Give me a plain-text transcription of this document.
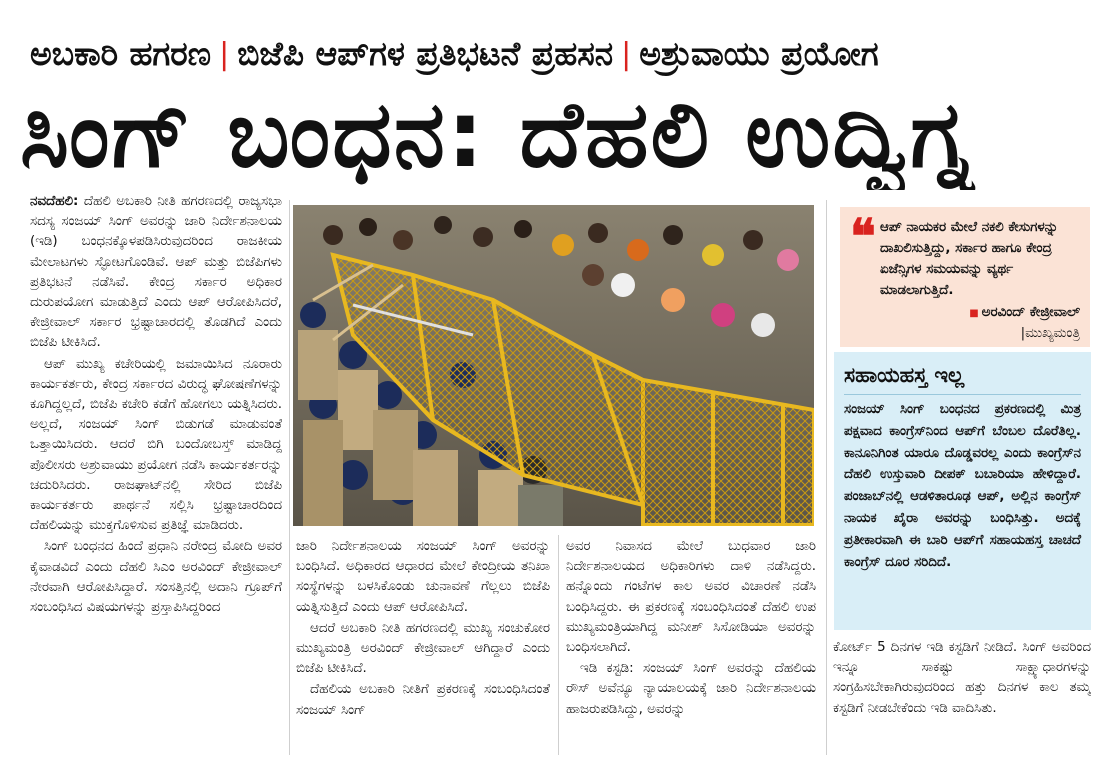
ಅಬಕಾರಿ ಹಗರಣ | ಬಿಜೆಪಿ ಆಪ್‌ಗಳ ಪ್ರತಿಭಟನೆ ಪ್ರಹಸನ | ಅಶ್ರುವಾಯು ಪ್ರಯೋಗ
ಸಿಂಗ್ ಬಂಧನ: ದೆಹಲಿ ಉದ್ವಿಗ್ನ

ನವದೆಹಲಿ: ದೆಹಲಿ ಅಬಕಾರಿ ನೀತಿ ಹಗರಣದಲ್ಲಿ ರಾಜ್ಯಸಭಾ ಸದಸ್ಯ ಸಂಜಯ್ ಸಿಂಗ್ ಅವರನ್ನು ಜಾರಿ ನಿರ್ದೇಶನಾಲಯ (ಇಡಿ) ಬಂಧನಕ್ಕೊಳಪಡಿಸಿರುವುದರಿಂದ ರಾಜಕೀಯ ಮೇಲಾಟಗಳು ಸ್ಫೋಟಗೊಂಡಿವೆ. ಆಪ್ ಮತ್ತು ಬಿಜೆಪಿಗಳು ಪ್ರತಿಭಟನೆ ನಡೆಸಿವೆ. ಕೇಂದ್ರ ಸರ್ಕಾರ ಅಧಿಕಾರ ದುರುಪಯೋಗ ಮಾಡುತ್ತಿದೆ ಎಂದು ಆಪ್ ಆರೋಪಿಸಿದರೆ, ಕೇಜ್ರೀವಾಲ್ ಸರ್ಕಾರ ಭ್ರಷ್ಟಾಚಾರದಲ್ಲಿ ತೊಡಗಿದೆ ಎಂದು ಬಿಜೆಪಿ ಟೀಕಿಸಿದೆ.

ಆಪ್ ಮುಖ್ಯ ಕಚೇರಿಯಲ್ಲಿ ಜಮಾಯಿಸಿದ ನೂರಾರು ಕಾರ್ಯಕರ್ತರು, ಕೇಂದ್ರ ಸರ್ಕಾರದ ವಿರುದ್ಧ ಘೋಷಣೆಗಳನ್ನು ಕೂಗಿದ್ದಲ್ಲದೆ, ಬಿಜೆಪಿ ಕಚೇರಿ ಕಡೆಗೆ ಹೋಗಲು ಯತ್ನಿಸಿದರು. ಅಲ್ಲದೆ, ಸಂಜಯ್ ಸಿಂಗ್ ಬಿಡುಗಡೆ ಮಾಡುವಂತೆ ಒತ್ತಾಯಿಸಿದರು. ಆದರೆ ಬಿಗಿ ಬಂದೋಬಸ್ತ್ ಮಾಡಿದ್ದ ಪೊಲೀಸರು ಅಶ್ರುವಾಯು ಪ್ರಯೋಗ ನಡೆಸಿ ಕಾರ್ಯಕರ್ತರನ್ನು ಚದುರಿಸಿದರು. ರಾಜಘಾಟ್‌ನಲ್ಲಿ ಸೇರಿದ ಬಿಜೆಪಿ ಕಾರ್ಯಕರ್ತರು ಪಾರ್ಥನೆ ಸಲ್ಲಿಸಿ ಭ್ರಷ್ಟಾಚಾರದಿಂದ ದೆಹಲಿಯನ್ನು ಮುಕ್ತಗೊಳಿಸುವ ಪ್ರತಿಜ್ಞೆ ಮಾಡಿದರು.

ಸಿಂಗ್ ಬಂಧನದ ಹಿಂದೆ ಪ್ರಧಾನಿ ನರೇಂದ್ರ ಮೋದಿ ಅವರ ಕೈವಾಡವಿದೆ ಎಂದು ದೆಹಲಿ ಸಿಎಂ ಅರವಿಂದ್ ಕೇಜ್ರೀವಾಲ್ ನೇರವಾಗಿ ಆರೋಪಿಸಿದ್ದಾರೆ. ಸಂಸತ್ತಿನಲ್ಲಿ ಅದಾನಿ ಗ್ರೂಪ್‌ಗೆ ಸಂಬಂಧಿಸಿದ ವಿಷಯಗಳನ್ನು ಪ್ರಸ್ತಾಪಿಸಿದ್ದರಿಂದ

ಜಾರಿ ನಿರ್ದೇಶನಾಲಯ ಸಂಜಯ್ ಸಿಂಗ್ ಅವರನ್ನು ಬಂಧಿಸಿದೆ. ಅಧಿಕಾರದ ಆಧಾರದ ಮೇಲೆ ಕೇಂದ್ರೀಯ ತನಿಖಾ ಸಂಸ್ಥೆಗಳನ್ನು ಬಳಸಿಕೊಂಡು ಚುನಾವಣೆ ಗೆಲ್ಲಲು ಬಿಜೆಪಿ ಯತ್ನಿಸುತ್ತಿದೆ ಎಂದು ಆಪ್ ಆರೋಪಿಸಿದೆ.

ಆದರೆ ಅಬಕಾರಿ ನೀತಿ ಹಗರಣದಲ್ಲಿ ಮುಖ್ಯ ಸಂಚುಕೋರ ಮುಖ್ಯಮಂತ್ರಿ ಅರವಿಂದ್ ಕೇಜ್ರೀವಾಲ್ ಆಗಿದ್ದಾರೆ ಎಂದು ಬಿಜೆಪಿ ಟೀಕಿಸಿದೆ.

ದೆಹಲಿಯ ಅಬಕಾರಿ ನೀತಿಗೆ ಪ್ರಕರಣಕ್ಕೆ ಸಂಬಂಧಿಸಿದಂತೆ ಸಂಜಯ್ ಸಿಂಗ್

ಅವರ ನಿವಾಸದ ಮೇಲೆ ಬುಧವಾರ ಜಾರಿ ನಿರ್ದೇಶನಾಲಯದ ಅಧಿಕಾರಿಗಳು ದಾಳಿ ನಡೆಸಿದ್ದರು. ಹನ್ನೊಂದು ಗಂಟೆಗಳ ಕಾಲ ಅವರ ವಿಚಾರಣೆ ನಡೆಸಿ ಬಂಧಿಸಿದ್ದರು. ಈ ಪ್ರಕರಣಕ್ಕೆ ಸಂಬಂಧಿಸಿದಂತೆ ದೆಹಲಿ ಉಪ ಮುಖ್ಯಮಂತ್ರಿಯಾಗಿದ್ದ ಮನೀಶ್ ಸಿಸೋಡಿಯಾ ಅವರನ್ನು ಬಂಧಿಸಲಾಗಿದೆ.

ಇಡಿ ಕಸ್ಟಡಿ: ಸಂಜಯ್ ಸಿಂಗ್ ಅವರನ್ನು ದೆಹಲಿಯ ರೌಸ್ ಅವೆನ್ಯೂ ನ್ಯಾಯಾಲಯಕ್ಕೆ ಜಾರಿ ನಿರ್ದೇಶನಾಲಯ ಹಾಜರುಪಡಿಸಿದ್ದು, ಅವರನ್ನು

❝ ಆಪ್ ನಾಯಕರ ಮೇಲೆ ನಕಲಿ ಕೇಸುಗಳನ್ನು ದಾಖಲಿಸುತ್ತಿದ್ದು, ಸರ್ಕಾರ ಹಾಗೂ ಕೇಂದ್ರ ಏಜೆನ್ಸಿಗಳ ಸಮಯವನ್ನು ವ್ಯರ್ಥ ಮಾಡಲಾಗುತ್ತಿದೆ.
■ ಅರವಿಂದ್ ಕೇಜ್ರೀವಾಲ್
|ಮುಖ್ಯಮಂತ್ರಿ
ಸಹಾಯಹಸ್ತ ಇಲ್ಲ
ಸಂಜಯ್ ಸಿಂಗ್ ಬಂಧನದ ಪ್ರಕರಣದಲ್ಲಿ ಮಿತ್ರ ಪಕ್ಷವಾದ ಕಾಂಗ್ರೆಸ್‌ನಿಂದ ಆಪ್‌ಗೆ ಬೆಂಬಲ ದೊರೆತಿಲ್ಲ. ಕಾನೂನಿಗಿಂತ ಯಾರೂ ದೊಡ್ಡವರಲ್ಲ ಎಂದು ಕಾಂಗ್ರೆಸ್‌ನ ದೆಹಲಿ ಉಸ್ತುವಾರಿ ದೀಪಕ್ ಬಬಾರಿಯಾ ಹೇಳಿದ್ದಾರೆ. ಪಂಜಾಬ್‌ನಲ್ಲಿ ಆಡಳಿತಾರೂಢ ಆಪ್, ಅಲ್ಲಿನ ಕಾಂಗ್ರೆಸ್ ನಾಯಕ ಖೈರಾ ಅವರನ್ನು ಬಂಧಿಸಿತ್ತು. ಅದಕ್ಕೆ ಪ್ರತೀಕಾರವಾಗಿ ಈ ಬಾರಿ ಆಪ್‌ಗೆ ಸಹಾಯಹಸ್ತ ಚಾಚದೆ ಕಾಂಗ್ರೆಸ್ ದೂರ ಸರಿದಿದೆ.

ಕೋರ್ಟ್ 5 ದಿನಗಳ ಇಡಿ ಕಸ್ಟಡಿಗೆ ನೀಡಿದೆ. ಸಿಂಗ್ ಅವರಿಂದ ಇನ್ನೂ ಸಾಕಷ್ಟು ಸಾಕ್ಷ್ಯಾಧಾರಗಳನ್ನು ಸಂಗ್ರಹಿಸಬೇಕಾಗಿರುವುದರಿಂದ ಹತ್ತು ದಿನಗಳ ಕಾಲ ತಮ್ಮ ಕಸ್ಟಡಿಗೆ ನೀಡಬೇಕೆಂದು ಇಡಿ ವಾದಿಸಿತು.
